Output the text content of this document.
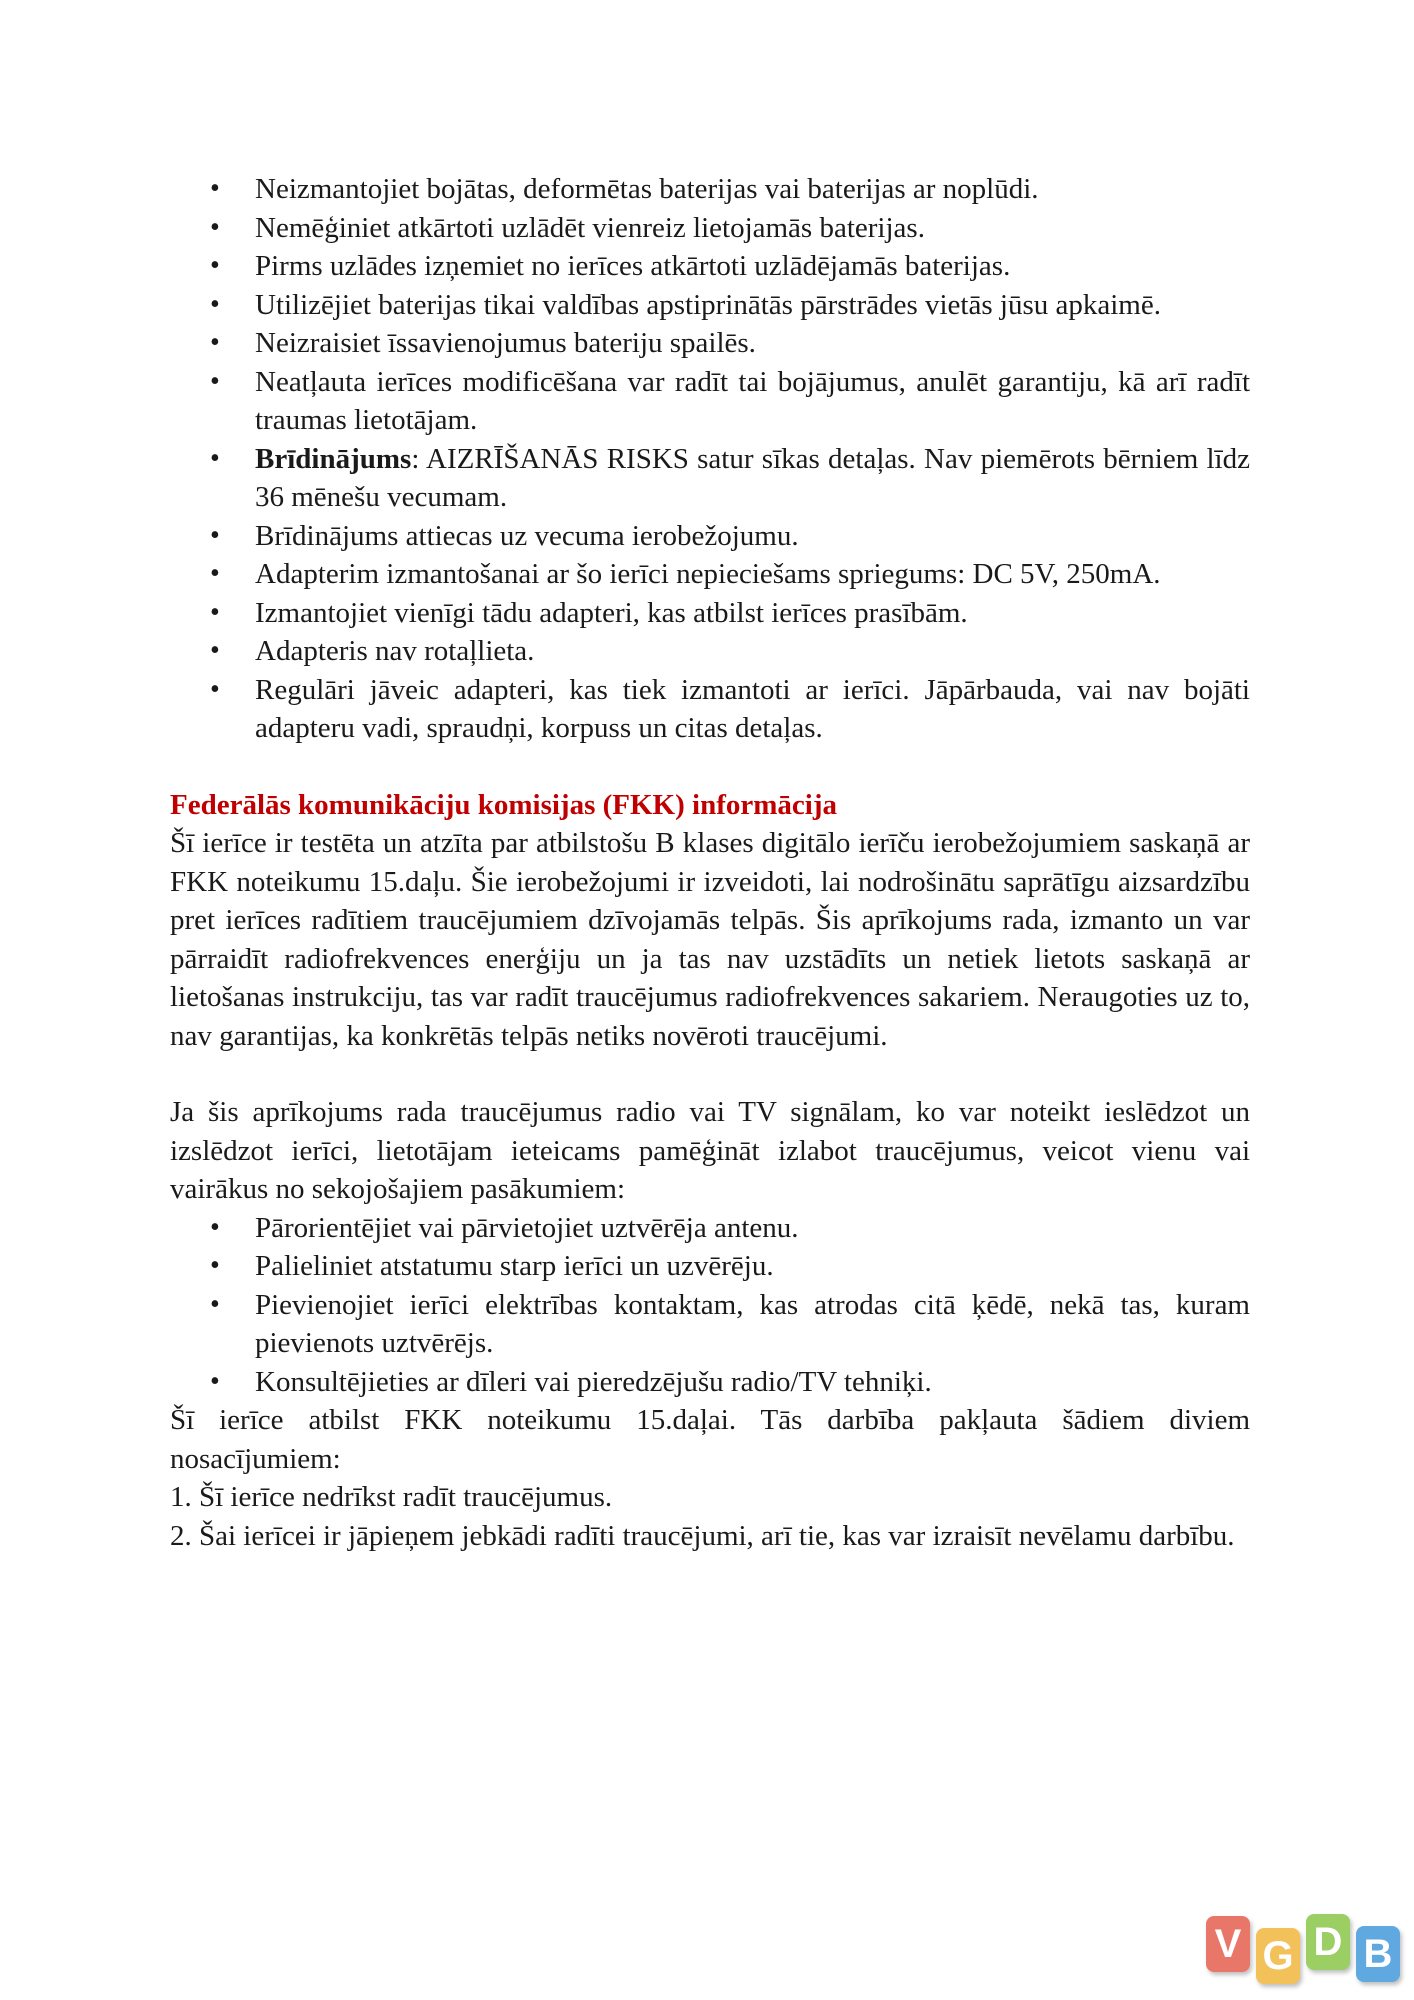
• Neizmantojiet bojātas, deformētas baterijas vai baterijas ar noplūdi.
• Nemēģiniet atkārtoti uzlādēt vienreiz lietojamās baterijas.
• Pirms uzlādes izņemiet no ierīces atkārtoti uzlādējamās baterijas.
• Utilizējiet baterijas tikai valdības apstiprinātās pārstrādes vietās jūsu apkaimē.
• Neizraisiet īssavienojumus bateriju spailēs.
• Neatļauta ierīces modificēšana var radīt tai bojājumus, anulēt garantiju, kā arī radīt traumas lietotājam.
• Brīdinājums: AIZRĪŠANĀS RISKS satur sīkas detaļas. Nav piemērots bērniem līdz 36 mēnešu vecumam.
• Brīdinājums attiecas uz vecuma ierobežojumu.
• Adapterim izmantošanai ar šo ierīci nepieciešams spriegums: DC 5V, 250mA.
• Izmantojiet vienīgi tādu adapteri, kas atbilst ierīces prasībām.
• Adapteris nav rotaļlieta.
• Regulāri jāveic adapteri, kas tiek izmantoti ar ierīci. Jāpārbauda, vai nav bojāti adapteru vadi, spraudņi, korpuss un citas detaļas.
Federālās komunikāciju komisijas (FKK) informācija

Šī ierīce ir testēta un atzīta par atbilstošu B klases digitālo ierīču ierobežojumiem saskaņā ar FKK noteikumu 15.daļu. Šie ierobežojumi ir izveidoti, lai nodrošinātu saprātīgu aizsardzību pret ierīces radītiem traucējumiem dzīvojamās telpās. Šis aprīkojums rada, izmanto un var pārraidīt radiofrekvences enerģiju un ja tas nav uzstādīts un netiek lietots saskaņā ar lietošanas instrukciju, tas var radīt traucējumus radiofrekvences sakariem. Neraugoties uz to, nav garantijas, ka konkrētās telpās netiks novēroti traucējumi.

Ja šis aprīkojums rada traucējumus radio vai TV signālam, ko var noteikt ieslēdzot un izslēdzot ierīci, lietotājam ieteicams pamēģināt izlabot traucējumus, veicot vienu vai vairākus no sekojošajiem pasākumiem:

• Pārorientējiet vai pārvietojiet uztvērēja antenu.
• Palieliniet atstatumu starp ierīci un uzvērēju.
• Pievienojiet ierīci elektrības kontaktam, kas atrodas citā ķēdē, nekā tas, kuram pievienots uztvērējs.
• Konsultējieties ar dīleri vai pieredzējušu radio/TV tehniķi.

Šī ierīce atbilst FKK noteikumu 15.daļai. Tās darbība pakļauta šādiem diviem nosacījumiem:

1. Šī ierīce nedrīkst radīt traucējumus.

2. Šai ierīcei ir jāpieņem jebkādi radīti traucējumi, arī tie, kas var izraisīt nevēlamu darbību.

V G D B
